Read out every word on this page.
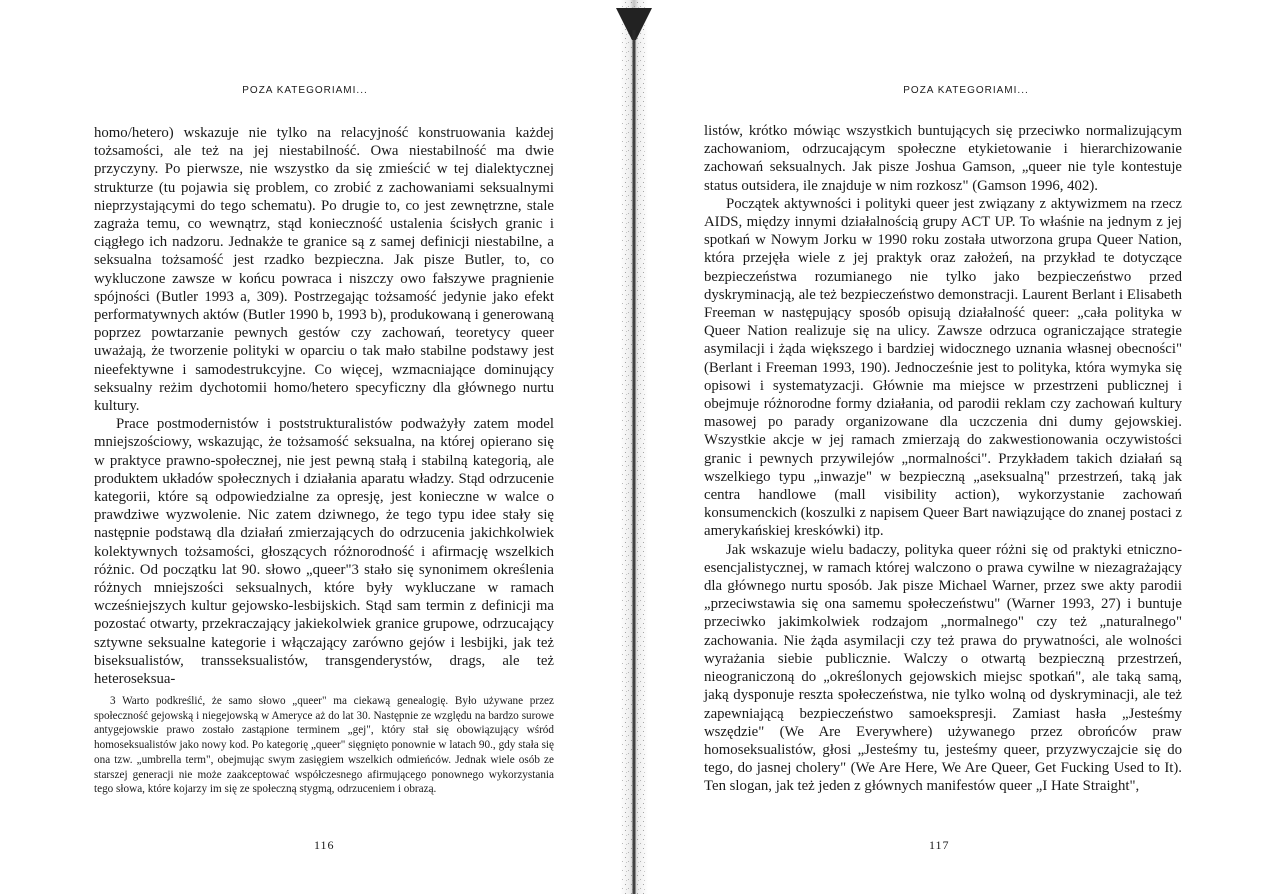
POZA KATEGORIAMI...

homo/hetero) wskazuje nie tylko na relacyjność konstruowania każdej tożsamości, ale też na jej niestabilność. Owa niestabilność ma dwie przyczyny. Po pierwsze, nie wszystko da się zmieścić w tej dialektycznej strukturze (tu pojawia się problem, co zrobić z zachowaniami seksualnymi nieprzystającymi do tego schematu). Po drugie to, co jest zewnętrzne, stale zagraża temu, co wewnątrz, stąd konieczność ustalenia ścisłych granic i ciągłego ich nadzoru. Jednakże te granice są z samej definicji niestabilne, a seksualna tożsamość jest rzadko bezpieczna. Jak pisze Butler, to, co wykluczone zawsze w końcu powraca i niszczy owo fałszywe pragnienie spójności (Butler 1993 a, 309). Postrzegając tożsamość jedynie jako efekt performatywnych aktów (Butler 1990 b, 1993 b), produkowaną i generowaną poprzez powtarzanie pewnych gestów czy zachowań, teoretycy queer uważają, że tworzenie polityki w oparciu o tak mało stabilne podstawy jest nieefektywne i samodestrukcyjne. Co więcej, wzmacniające dominujący seksualny reżim dychotomii homo/hetero specyficzny dla głównego nurtu kultury.

Prace postmodernistów i poststrukturalistów podważyły zatem model mniejszościowy, wskazując, że tożsamość seksualna, na której opierano się w praktyce prawno-społecznej, nie jest pewną stałą i stabilną kategorią, ale produktem układów społecznych i działania aparatu władzy. Stąd odrzucenie kategorii, które są odpowiedzialne za opresję, jest konieczne w walce o prawdziwe wyzwolenie. Nic zatem dziwnego, że tego typu idee stały się następnie podstawą dla działań zmierzających do odrzucenia jakichkolwiek kolektywnych tożsamości, głoszących różnorodność i afirmację wszelkich różnic. Od początku lat 90. słowo „queer"3 stało się synonimem określenia różnych mniejszości seksualnych, które były wykluczane w ramach wcześniejszych kultur gejowsko-lesbijskich. Stąd sam termin z definicji ma pozostać otwarty, przekraczający jakiekolwiek granice grupowe, odrzucający sztywne seksualne kategorie i włączający zarówno gejów i lesbijki, jak też biseksualistów, transseksualistów, transgenderystów, drags, ale też heteroseksua-

3 Warto podkreślić, że samo słowo „queer" ma ciekawą genealogię. Było używane przez społeczność gejowską i niegejowską w Ameryce aż do lat 30. Następnie ze względu na bardzo surowe antygejowskie prawo zostało zastąpione terminem „gej", który stał się obowiązujący wśród homoseksualistów jako nowy kod. Po kategorię „queer" sięgnięto ponownie w latach 90., gdy stała się ona tzw. „umbrella term", obejmując swym zasięgiem wszelkich odmieńców. Jednak wiele osób ze starszej generacji nie może zaakceptować współczesnego afirmującego ponownego wykorzystania tego słowa, które kojarzy im się ze społeczną stygmą, odrzuceniem i obrazą.

116
POZA KATEGORIAMI...

listów, krótko mówiąc wszystkich buntujących się przeciwko normalizującym zachowaniom, odrzucającym społeczne etykietowanie i hierarchizowanie zachowań seksualnych. Jak pisze Joshua Gamson, „queer nie tyle kontestuje status outsidera, ile znajduje w nim rozkosz" (Gamson 1996, 402).

Początek aktywności i polityki queer jest związany z aktywizmem na rzecz AIDS, między innymi działalnością grupy ACT UP. To właśnie na jednym z jej spotkań w Nowym Jorku w 1990 roku została utworzona grupa Queer Nation, która przejęła wiele z jej praktyk oraz założeń, na przykład te dotyczące bezpieczeństwa rozumianego nie tylko jako bezpieczeństwo przed dyskryminacją, ale też bezpieczeństwo demonstracji. Laurent Berlant i Elisabeth Freeman w następujący sposób opisują działalność queer: „cała polityka w Queer Nation realizuje się na ulicy. Zawsze odrzuca ograniczające strategie asymilacji i żąda większego i bardziej widocznego uznania własnej obecności" (Berlant i Freeman 1993, 190). Jednocześnie jest to polityka, która wymyka się opisowi i systematyzacji. Głównie ma miejsce w przestrzeni publicznej i obejmuje różnorodne formy działania, od parodii reklam czy zachowań kultury masowej po parady organizowane dla uczczenia dni dumy gejowskiej. Wszystkie akcje w jej ramach zmierzają do zakwestionowania oczywistości granic i pewnych przywilejów „normalności". Przykładem takich działań są wszelkiego typu „inwazje" w bezpieczną „aseksualną" przestrzeń, taką jak centra handlowe (mall visibility action), wykorzystanie zachowań konsumenckich (koszulki z napisem Queer Bart nawiązujące do znanej postaci z amerykańskiej kreskówki) itp.

Jak wskazuje wielu badaczy, polityka queer różni się od praktyki etniczno-esencjalistycznej, w ramach której walczono o prawa cywilne w niezagrażający dla głównego nurtu sposób. Jak pisze Michael Warner, przez swe akty parodii „przeciwstawia się ona samemu społeczeństwu" (Warner 1993, 27) i buntuje przeciwko jakimkolwiek rodzajom „normalnego" czy też „naturalnego" zachowania. Nie żąda asymilacji czy też prawa do prywatności, ale wolności wyrażania siebie publicznie. Walczy o otwartą bezpieczną przestrzeń, nieograniczoną do „określonych gejowskich miejsc spotkań", ale taką samą, jaką dysponuje reszta społeczeństwa, nie tylko wolną od dyskryminacji, ale też zapewniającą bezpieczeństwo samoekspresji. Zamiast hasła „Jesteśmy wszędzie" (We Are Everywhere) używanego przez obrońców praw homoseksualistów, głosi „Jesteśmy tu, jesteśmy queer, przyzwyczajcie się do tego, do jasnej cholery" (We Are Here, We Are Queer, Get Fucking Used to It). Ten slogan, jak też jeden z głównych manifestów queer „I Hate Straight",

117
